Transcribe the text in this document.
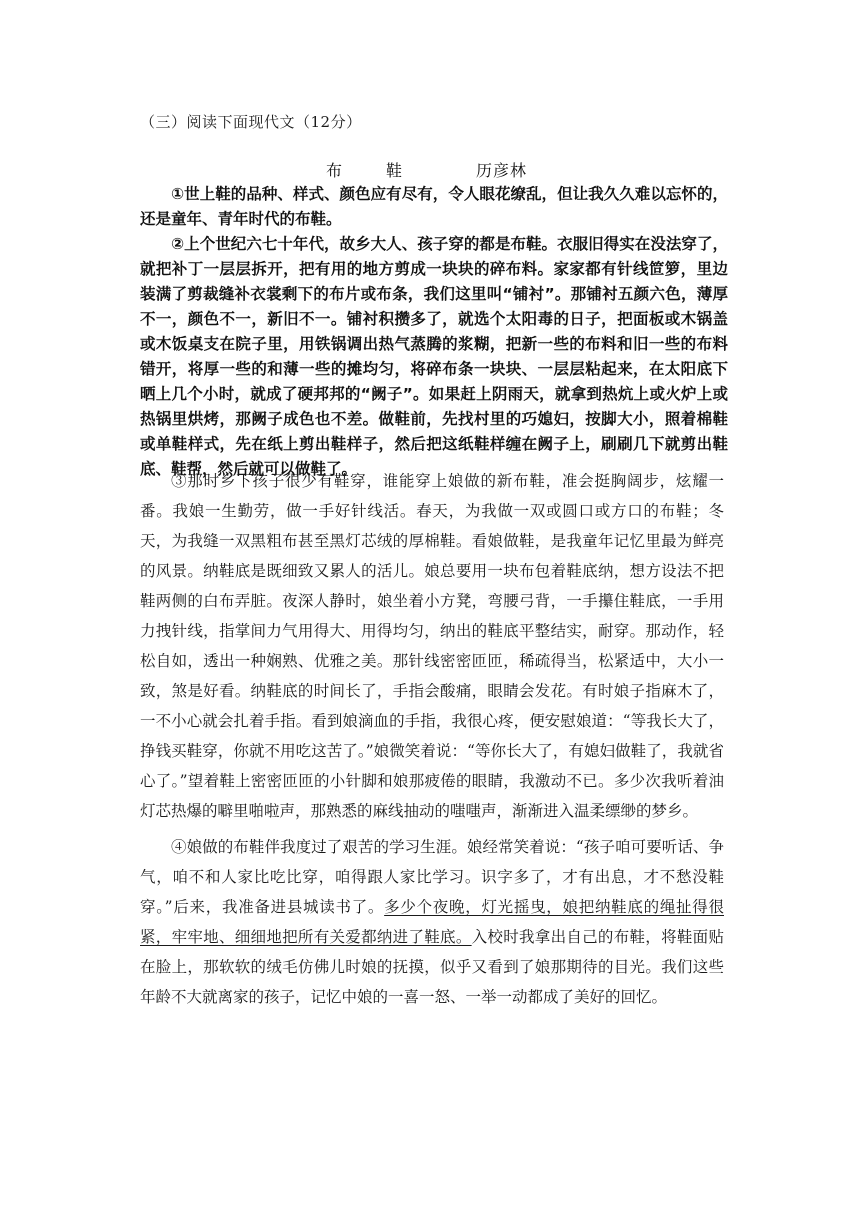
（三）阅读下面现代文（12分）
布　鞋	历彦林

①世上鞋的品种、样式、颜色应有尽有，令人眼花缭乱，但让我久久难以忘怀的，还是童年、青年时代的布鞋。

②上个世纪六七十年代，故乡大人、孩子穿的都是布鞋。衣服旧得实在没法穿了，就把补丁一层层拆开，把有用的地方剪成一块块的碎布料。家家都有针线笸箩，里边装满了剪裁缝补衣裳剩下的布片或布条，我们这里叫“铺衬”。那铺衬五颜六色，薄厚不一，颜色不一，新旧不一。铺衬积攒多了，就选个太阳毒的日子，把面板或木锅盖或木饭桌支在院子里，用铁锅调出热气蒸腾的浆糊，把新一些的布料和旧一些的布料错开，将厚一些的和薄一些的摊均匀，将碎布条一块块、一层层粘起来，在太阳底下晒上几个小时，就成了硬邦邦的“阙子”。如果赶上阴雨天，就拿到热炕上或火炉上或热锅里烘烤，那阙子成色也不差。做鞋前，先找村里的巧媳妇，按脚大小，照着棉鞋或单鞋样式，先在纸上剪出鞋样子，然后把这纸鞋样缠在阙子上，刷刷几下就剪出鞋底、鞋帮，然后就可以做鞋了。

③那时乡下孩子很少有鞋穿，谁能穿上娘做的新布鞋，准会挺胸阔步，炫耀一番。我娘一生勤劳，做一手好针线活。春天，为我做一双或圆口或方口的布鞋；冬天，为我缝一双黑粗布甚至黑灯芯绒的厚棉鞋。看娘做鞋，是我童年记忆里最为鲜亮的风景。纳鞋底是既细致又累人的活儿。娘总要用一块布包着鞋底纳，想方设法不把鞋两侧的白布弄脏。夜深人静时，娘坐着小方凳，弯腰弓背，一手攥住鞋底，一手用力拽针线，指掌间力气用得大、用得均匀，纳出的鞋底平整结实，耐穿。那动作，轻松自如，透出一种娴熟、优雅之美。那针线密密匝匝，稀疏得当，松紧适中，大小一致，煞是好看。纳鞋底的时间长了，手指会酸痛，眼睛会发花。有时娘子指麻木了，一不小心就会扎着手指。看到娘滴血的手指，我很心疼，便安慰娘道：“等我长大了，挣钱买鞋穿，你就不用吃这苦了。”娘微笑着说：“等你长大了，有媳妇做鞋了，我就省心了。”望着鞋上密密匝匝的小针脚和娘那疲倦的眼睛，我激动不已。多少次我听着油灯芯热爆的噼里啪啦声，那熟悉的麻线抽动的嗤嗤声，渐渐进入温柔缥缈的梦乡。

④娘做的布鞋伴我度过了艰苦的学习生涯。娘经常笑着说：“孩子咱可要听话、争气，咱不和人家比吃比穿，咱得跟人家比学习。识字多了，才有出息，才不愁没鞋穿。”后来，我准备进县城读书了。多少个夜晚，灯光摇曳，娘把纳鞋底的绳扯得很紧，牢牢地、细细地把所有关爱都纳进了鞋底。入校时我拿出自己的布鞋，将鞋面贴在脸上，那软软的绒毛仿佛儿时娘的抚摸，似乎又看到了娘那期待的目光。我们这些年龄不大就离家的孩子，记忆中娘的一喜一怒、一举一动都成了美好的回忆。
